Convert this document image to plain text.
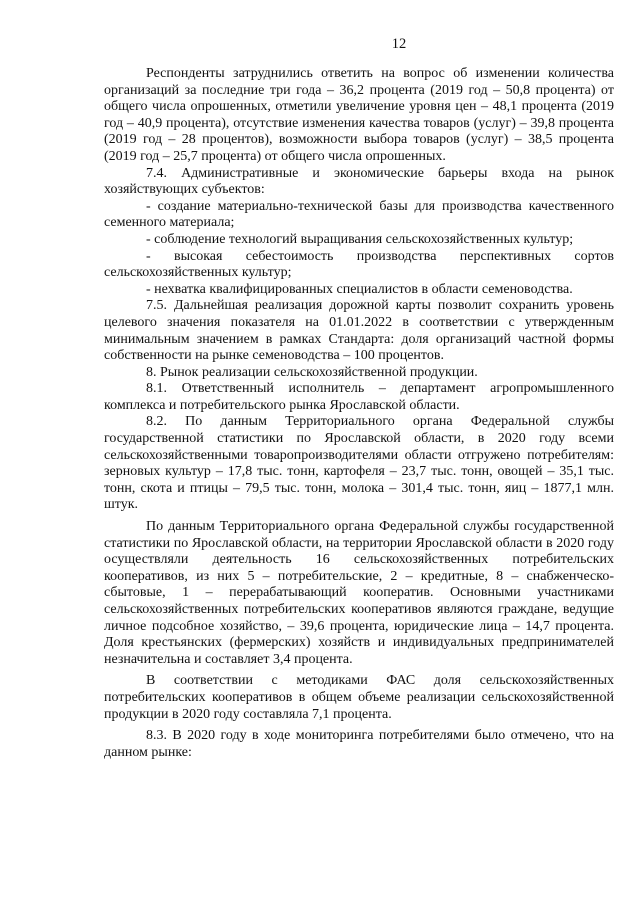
12

Респонденты затруднились ответить на вопрос об изменении количества организаций за последние три года – 36,2 процента (2019 год – 50,8 процента) от общего числа опрошенных, отметили увеличение уровня цен – 48,1 процента (2019 год – 40,9 процента), отсутствие изменения качества товаров (услуг) – 39,8 процента (2019 год – 28 процентов), возможности выбора товаров (услуг) – 38,5 процента (2019 год – 25,7 процента) от общего числа опрошенных.

7.4. Административные и экономические барьеры входа на рынок хозяйствующих субъектов:

- создание материально-технической базы для производства качественного семенного материала;

- соблюдение технологий выращивания сельскохозяйственных культур;

- высокая себестоимость производства перспективных сортов сельскохозяйственных культур;

- нехватка квалифицированных специалистов в области семеноводства.

7.5. Дальнейшая реализация дорожной карты позволит сохранить уровень целевого значения показателя на 01.01.2022 в соответствии с утвержденным минимальным значением в рамках Стандарта: доля организаций частной формы собственности на рынке семеноводства – 100 процентов.

8. Рынок реализации сельскохозяйственной продукции.

8.1. Ответственный исполнитель – департамент агропромышленного комплекса и потребительского рынка Ярославской области.

8.2. По данным Территориального органа Федеральной службы государственной статистики по Ярославской области, в 2020 году всеми сельскохозяйственными товаропроизводителями области отгружено потребителям: зерновых культур – 17,8 тыс. тонн, картофеля – 23,7 тыс. тонн, овощей – 35,1 тыс. тонн, скота и птицы – 79,5 тыс. тонн, молока – 301,4 тыс. тонн, яиц – 1877,1 млн. штук.

По данным Территориального органа Федеральной службы государственной статистики по Ярославской области, на территории Ярославской области в 2020 году осуществляли деятельность 16 сельскохозяйственных потребительских кооперативов, из них 5 – потребительские, 2 – кредитные, 8 – снабженческо-сбытовые, 1 – перерабатывающий кооператив. Основными участниками сельскохозяйственных потребительских кооперативов являются граждане, ведущие личное подсобное хозяйство, – 39,6 процента, юридические лица – 14,7 процента. Доля крестьянских (фермерских) хозяйств и индивидуальных предпринимателей незначительна и составляет 3,4 процента.

В соответствии с методиками ФАС доля сельскохозяйственных потребительских кооперативов в общем объеме реализации сельскохозяйственной продукции в 2020 году составляла 7,1 процента.

8.3. В 2020 году в ходе мониторинга потребителями было отмечено, что на данном рынке:
